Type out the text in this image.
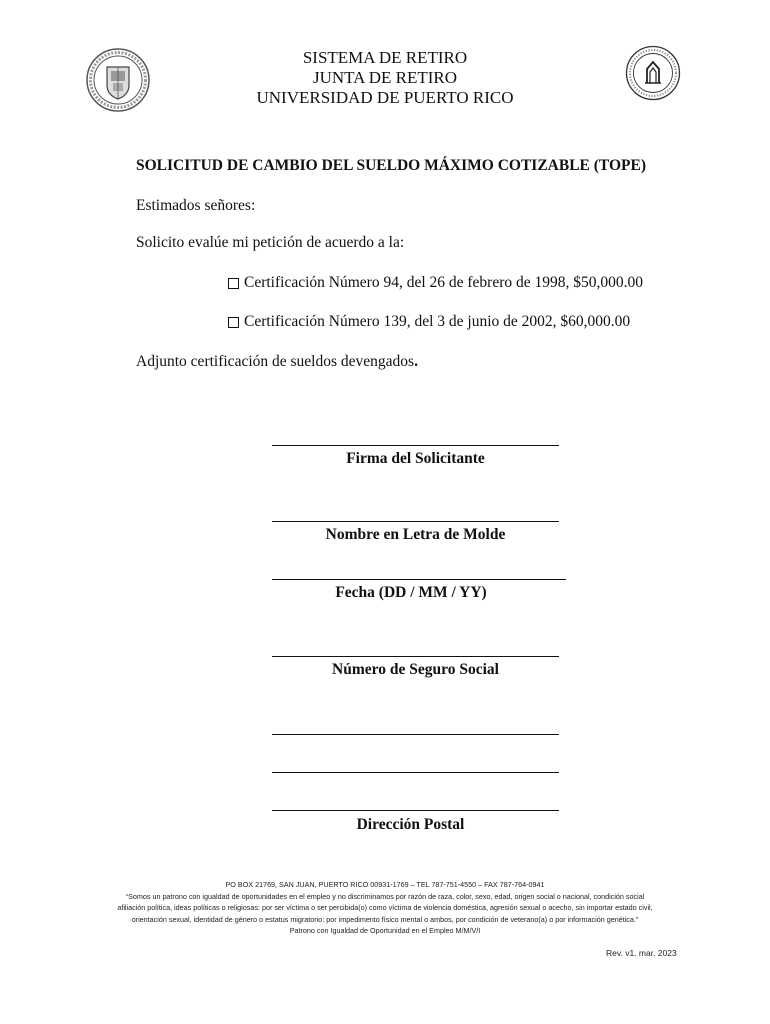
SISTEMA DE RETIRO
JUNTA DE RETIRO
UNIVERSIDAD DE PUERTO RICO
SOLICITUD DE CAMBIO DEL SUELDO MÁXIMO COTIZABLE (TOPE)
Estimados señores:
Solicito evalúe mi petición de acuerdo a la:
Certificación Número 94, del 26 de febrero de 1998, $50,000.00
Certificación Número 139, del 3 de junio de 2002, $60,000.00
Adjunto certificación de sueldos devengados.
Firma del Solicitante
Nombre en Letra de Molde
Fecha (DD / MM / YY)
Número de Seguro Social
Dirección Postal
PO BOX 21769, SAN JUAN, PUERTO RICO 00931-1769 – TEL 787-751-4550 – FAX 787-764-0941
“Somos un patrono con igualdad de oportunidades en el empleo y no discriminamos por razón de raza, color, sexo, edad, origen social o nacional, condición social
afiliación política, ideas políticas o religiosas: por ser víctima o ser percibida(o) como víctima de violencia doméstica, agresión sexual o acecho, sin importar estado civil,
orientación sexual, identidad de género o estatus migratorio: por impedimento físico mental o ambos, por condición de veterano(a) o por información genética.”
Patrono con Igualdad de Oportunidad en el Empleo M/M/V/I
Rev. v1. mar. 2023
